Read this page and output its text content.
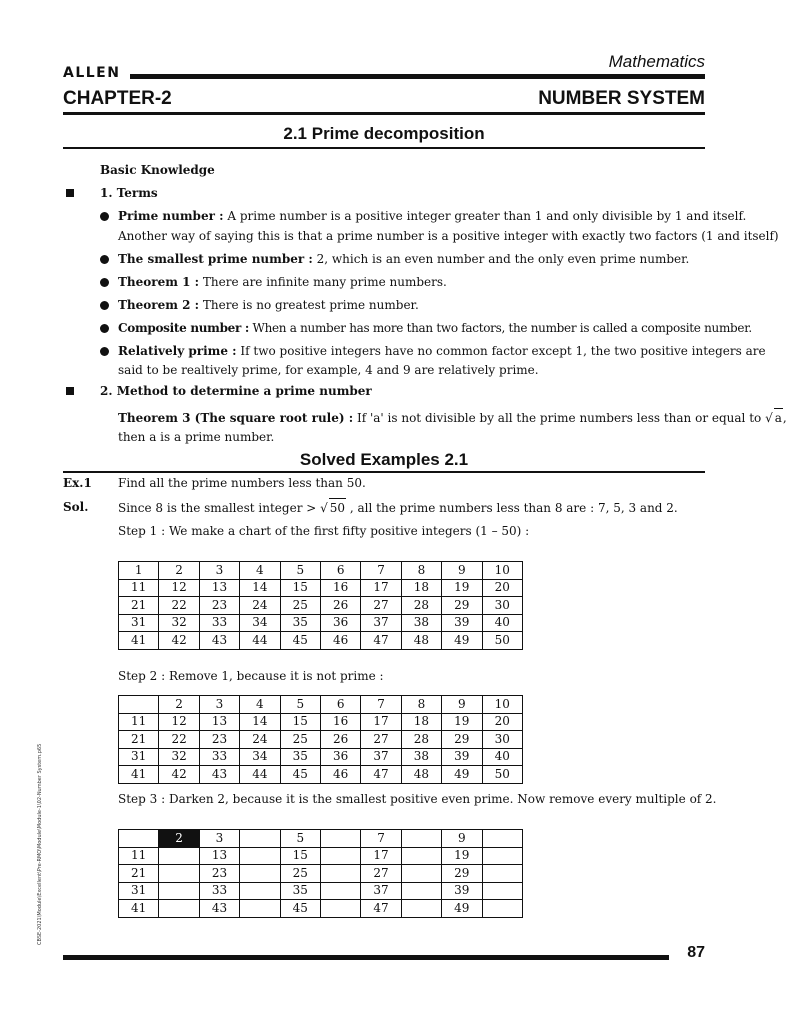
Mathematics
ALLEN
CHAPTER-2	NUMBER SYSTEM
2.1 Prime decomposition
Basic Knowledge
1. Terms
Prime number : A prime number is a positive integer greater than 1 and only divisible by 1 and itself.
Another way of saying this is that a prime number is a positive integer with exactly two factors (1 and itself)
The smallest prime number : 2, which is an even number and the only even prime number.
Theorem 1 : There are infinite many prime numbers.
Theorem 2 : There is no greatest prime number.
Composite number : When a number has more than two factors, the number is called a composite number.
Relatively prime : If two positive integers have no common factor except 1, the two positive integers are
said to be realtively prime, for example, 4 and 9 are relatively prime.
2. Method to determine a prime number
Theorem 3 (The square root rule) : If 'a' is not divisible by all the prime numbers less than or equal to √ a,
then a is a prime number.
Solved Examples 2.1
Ex.1 Find all the prime numbers less than 50.
Sol. Since 8 is the smallest integer > √ 50 , all the prime numbers less than 8 are : 7, 5, 3 and 2.
Step 1 : We make a chart of the first fifty positive integers (1 – 50) :
1	2	3	4	5	6	7	8	9	10
11	12	13	14	15	16	17	18	19	20
21	22	23	24	25	26	27	28	29	30
31	32	33	34	35	36	37	38	39	40
41	42	43	44	45	46	47	48	49	50
Step 2 : Remove 1, because it is not prime :
	2	3	4	5	6	7	8	9	10
11	12	13	14	15	16	17	18	19	20
21	22	23	24	25	26	27	28	29	30
31	32	33	34	35	36	37	38	39	40
41	42	43	44	45	46	47	48	49	50
Step 3 : Darken 2, because it is the smallest positive even prime. Now remove every multiple of 2.
	2	3		5		7		9	
11		13		15		17		19	
21		23		25		27		29	
31		33		35		37		39	
41		43		45		47		49	
CBSE-2021\Module\Excellent\Pre-RMO\Module\Module-1\02-Number System.p65
87
